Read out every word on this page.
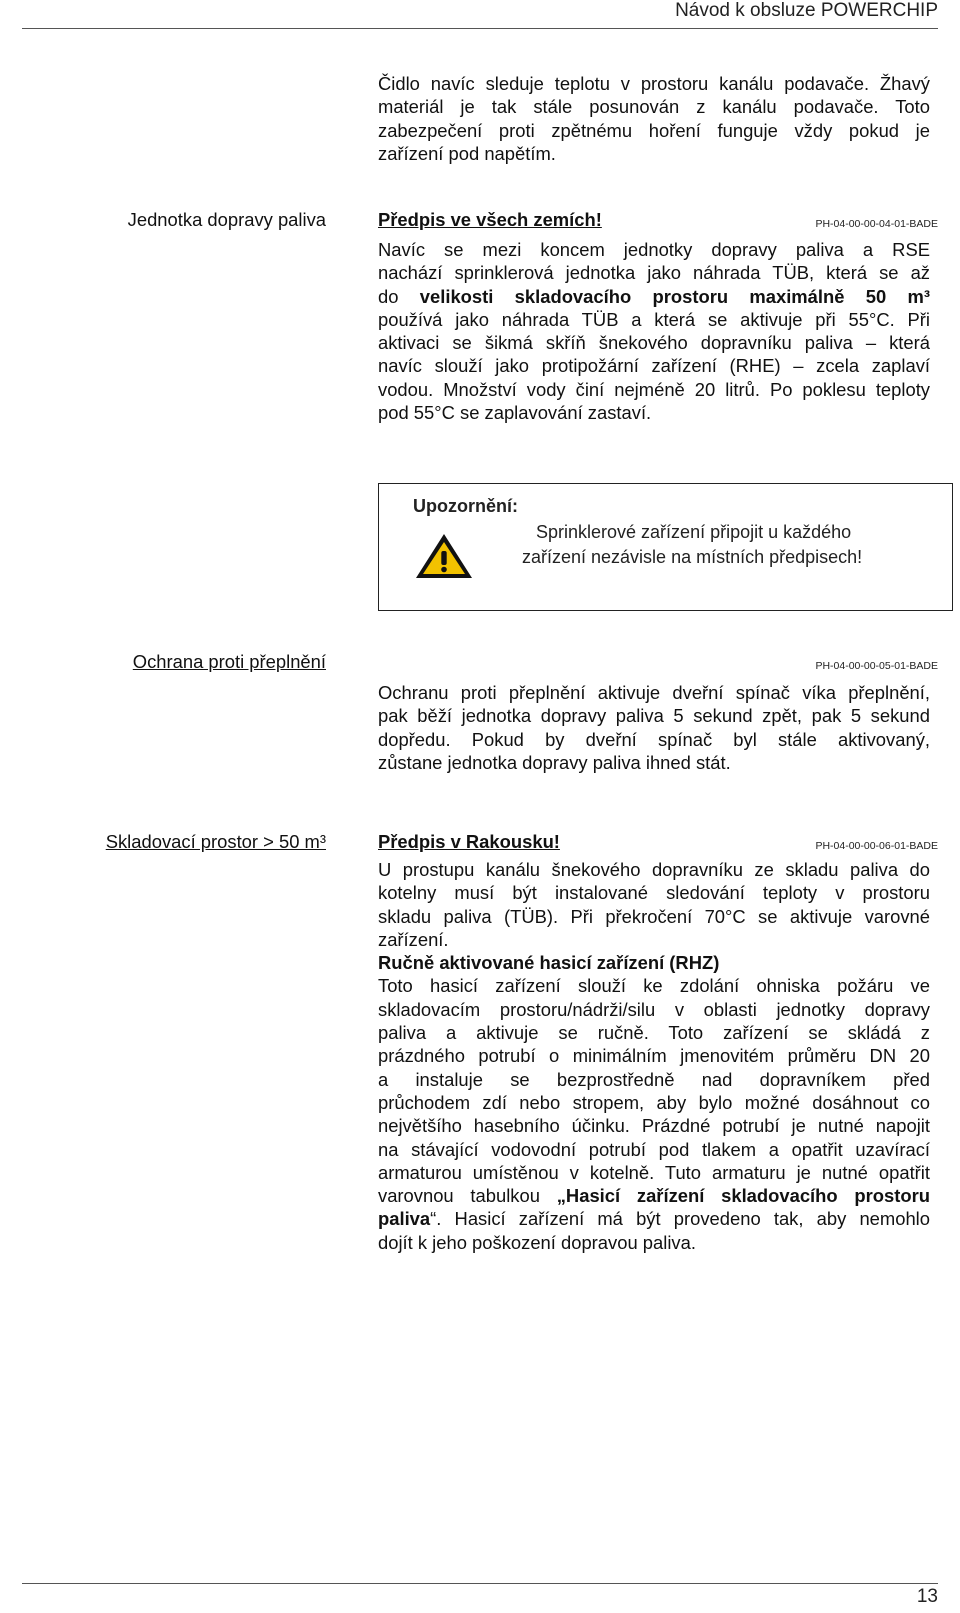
Návod k obsluze POWERCHIP
Čidlo navíc sleduje teplotu v prostoru kanálu podavače. Žhavý
materiál je tak stále posunován z kanálu podavače. Toto
zabezpečení proti zpětnému hoření funguje vždy pokud je
zařízení pod napětím.
Jednotka dopravy paliva	Předpis ve všech zemích!	PH-04-00-00-04-01-BADE
Navíc se mezi koncem jednotky dopravy paliva a RSE
nachází sprinklerová jednotka jako náhrada TÜB, která se až
do velikosti skladovacího prostoru maximálně 50 m³
používá jako náhrada TÜB a která se aktivuje při 55°C. Při
aktivaci se šikmá skříň šnekového dopravníku paliva – která
navíc slouží jako protipožární zařízení (RHE) – zcela zaplaví
vodou. Množství vody činí nejméně 20 litrů. Po poklesu teploty
pod 55°C se zaplavování zastaví.
Upozornění:
Sprinklerové zařízení připojit u každého
zařízení nezávisle na místních předpisech!
Ochrana proti přeplnění	PH-04-00-00-05-01-BADE
Ochranu proti přeplnění aktivuje dveřní spínač víka přeplnění,
pak běží jednotka dopravy paliva 5 sekund zpět, pak 5 sekund
dopředu. Pokud by dveřní spínač byl stále aktivovaný,
zůstane jednotka dopravy paliva ihned stát.
Skladovací prostor > 50 m³	Předpis v Rakousku!	PH-04-00-00-06-01-BADE
U prostupu kanálu šnekového dopravníku ze skladu paliva do
kotelny musí být instalované sledování teploty v prostoru
skladu paliva (TÜB). Při překročení 70°C se aktivuje varovné
zařízení.
Ručně aktivované hasicí zařízení (RHZ)
Toto hasicí zařízení slouží ke zdolání ohniska požáru ve
skladovacím prostoru/nádrži/silu v oblasti jednotky dopravy
paliva a aktivuje se ručně. Toto zařízení se skládá z
prázdného potrubí o minimálním jmenovitém průměru DN 20
a instaluje se bezprostředně nad dopravníkem před
průchodem zdí nebo stropem, aby bylo možné dosáhnout co
největšího hasebního účinku. Prázdné potrubí je nutné napojit
na stávající vodovodní potrubí pod tlakem a opatřit uzavírací
armaturou umístěnou v kotelně. Tuto armaturu je nutné opatřit
varovnou tabulkou „Hasicí zařízení skladovacího prostoru
paliva“. Hasicí zařízení má být provedeno tak, aby nemohlo
dojít k jeho poškození dopravou paliva.
13
